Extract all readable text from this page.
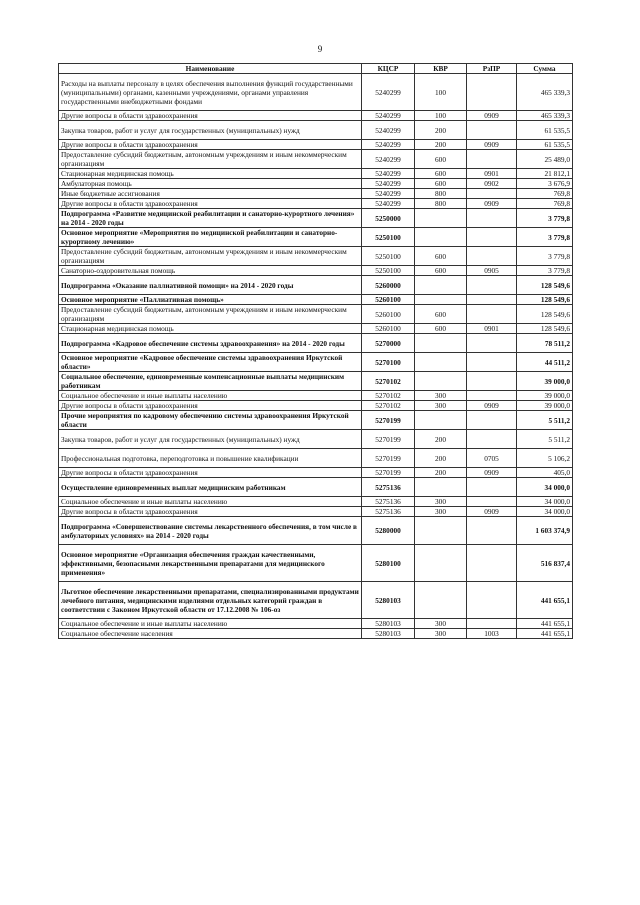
9
Наименование	КЦСР	КВР	РзПР	Сумма
Расходы на выплаты персоналу в целях обеспечения выполнения функций государственными (муниципальными) органами, казенными учреждениями, органами управления государственными внебюджетными фондами	5240299	100		465 339,3
Другие вопросы в области здравоохранения	5240299	100	0909	465 339,3
Закупка товаров, работ и услуг для государственных (муниципальных) нужд	5240299	200		61 535,5
Другие вопросы в области здравоохранения	5240299	200	0909	61 535,5
Предоставление субсидий бюджетным, автономным учреждениям и иным некоммерческим организациям	5240299	600		25 489,0
Стационарная медицинская помощь	5240299	600	0901	21 812,1
Амбулаторная помощь	5240299	600	0902	3 676,9
Иные бюджетные ассигнования	5240299	800		769,8
Другие вопросы в области здравоохранения	5240299	800	0909	769,8
Подпрограмма «Развитие медицинской реабилитации и санаторно-курортного лечения» на 2014 - 2020 годы	5250000			3 779,8
Основное мероприятие «Мероприятия по медицинской реабилитации и санаторно-курортному лечению»	5250100			3 779,8
Предоставление субсидий бюджетным, автономным учреждениям и иным некоммерческим организациям	5250100	600		3 779,8
Санаторно-оздоровительная помощь	5250100	600	0905	3 779,8
Подпрограмма «Оказание паллиативной помощи» на 2014 - 2020 годы	5260000			128 549,6
Основное мероприятие «Паллиативная помощь»	5260100			128 549,6
Предоставление субсидий бюджетным, автономным учреждениям и иным некоммерческим организациям	5260100	600		128 549,6
Стационарная медицинская помощь	5260100	600	0901	128 549,6
Подпрограмма «Кадровое обеспечение системы здравоохранения» на 2014 - 2020 годы	5270000			78 511,2
Основное мероприятие «Кадровое обеспечение системы здравоохранения Иркутской области»	5270100			44 511,2
Социальное обеспечение, единовременные компенсационные выплаты медицинским работникам	5270102			39 000,0
Социальное обеспечение и иные выплаты населению	5270102	300		39 000,0
Другие вопросы в области здравоохранения	5270102	300	0909	39 000,0
Прочие мероприятия по кадровому обеспечению системы здравоохранения Иркутской области	5270199			5 511,2
Закупка товаров, работ и услуг для государственных (муниципальных) нужд	5270199	200		5 511,2
Профессиональная подготовка, переподготовка и повышение квалификации	5270199	200	0705	5 106,2
Другие вопросы в области здравоохранения	5270199	200	0909	405,0
Осуществление единовременных выплат медицинским работникам	5275136			34 000,0
Социальное обеспечение и иные выплаты населению	5275136	300		34 000,0
Другие вопросы в области здравоохранения	5275136	300	0909	34 000,0
Подпрограмма «Совершенствование системы лекарственного обеспечения, в том числе в амбулаторных условиях» на 2014 - 2020 годы	5280000			1 603 374,9
Основное мероприятие «Организация обеспечения граждан качественными, эффективными, безопасными лекарственными препаратами для медицинского применения»	5280100			516 837,4
Льготное обеспечение лекарственными препаратами, специализированными продуктами лечебного питания, медицинскими изделиями отдельных категорий граждан в соответствии с Законом Иркутской области от 17.12.2008 № 106-оз	5280103			441 655,1
Социальное обеспечение и иные выплаты населению	5280103	300		441 655,1
Социальное обеспечение населения	5280103	300	1003	441 655,1
